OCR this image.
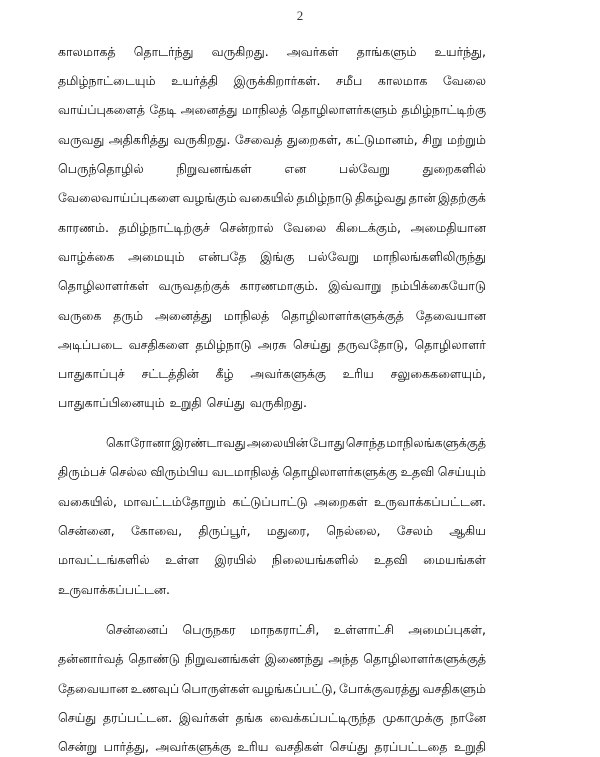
2
காலமாகத் தொடர்ந்து வருகிறது. அவர்கள் தாங்களும் உயர்ந்து,
தமிழ்நாட்டையும் உயர்த்தி இருக்கிறார்கள். சமீப காலமாக வேலை
வாய்ப்புகளைத் தேடி அனைத்து மாநிலத் தொழிலாளர்களும் தமிழ்நாட்டிற்கு
வருவது அதிகரித்து வருகிறது. சேவைத் துறைகள், கட்டுமானம், சிறு மற்றும்
பெருந்தொழில்	நிறுவனங்கள்	என	பல்வேறு	துறைகளில்
வேலைவாய்ப்புகளை வழங்கும் வகையில் தமிழ்நாடு திகழ்வது தான் இதற்குக்
காரணம். தமிழ்நாட்டிற்குச் சென்றால் வேலை கிடைக்கும், அமைதியான
வாழ்க்கை அமையும் என்பதே இங்கு பல்வேறு மாநிலங்களிலிருந்து
தொழிலாளர்கள் வருவதற்குக் காரணமாகும். இவ்வாறு நம்பிக்கையோடு
வருகை தரும் அனைத்து மாநிலத் தொழிலாளர்களுக்குத் தேவையான
அடிப்படை வசதிகளை தமிழ்நாடு அரசு செய்து தருவதோடு, தொழிலாளர்
பாதுகாப்புச் சட்டத்தின் கீழ் அவர்களுக்கு உரிய சலுகைகளையும்,
பாதுகாப்பினையும் உறுதி செய்து வருகிறது.
கொரோனா இரண்டாவது அலையின் போது சொந்த மாநிலங்களுக்குத்
திரும்பச் செல்ல விரும்பிய வடமாநிலத் தொழிலாளர்களுக்கு உதவி செய்யும்
வகையில், மாவட்டம்தோறும் கட்டுப்பாட்டு அறைகள் உருவாக்கப்பட்டன.
சென்னை, கோவை, திருப்பூர், மதுரை, நெல்லை, சேலம் ஆகிய
மாவட்டங்களில் உள்ள இரயில் நிலையங்களில் உதவி மையங்கள்
உருவாக்கப்பட்டன.
சென்னைப் பெருநகர மாநகராட்சி, உள்ளாட்சி அமைப்புகள்,
தன்னார்வத் தொண்டு நிறுவனங்கள் இணைந்து அந்த தொழிலாளர்களுக்குத்
தேவையான உணவுப் பொருள்கள் வழங்கப்பட்டு, போக்குவரத்து வசதிகளும்
செய்து தரப்பட்டன. இவர்கள் தங்க வைக்கப்பட்டிருந்த முகாமுக்கு நானே
சென்று பார்த்து, அவர்களுக்கு உரிய வசதிகள் செய்து தரப்பட்டதை உறுதி
